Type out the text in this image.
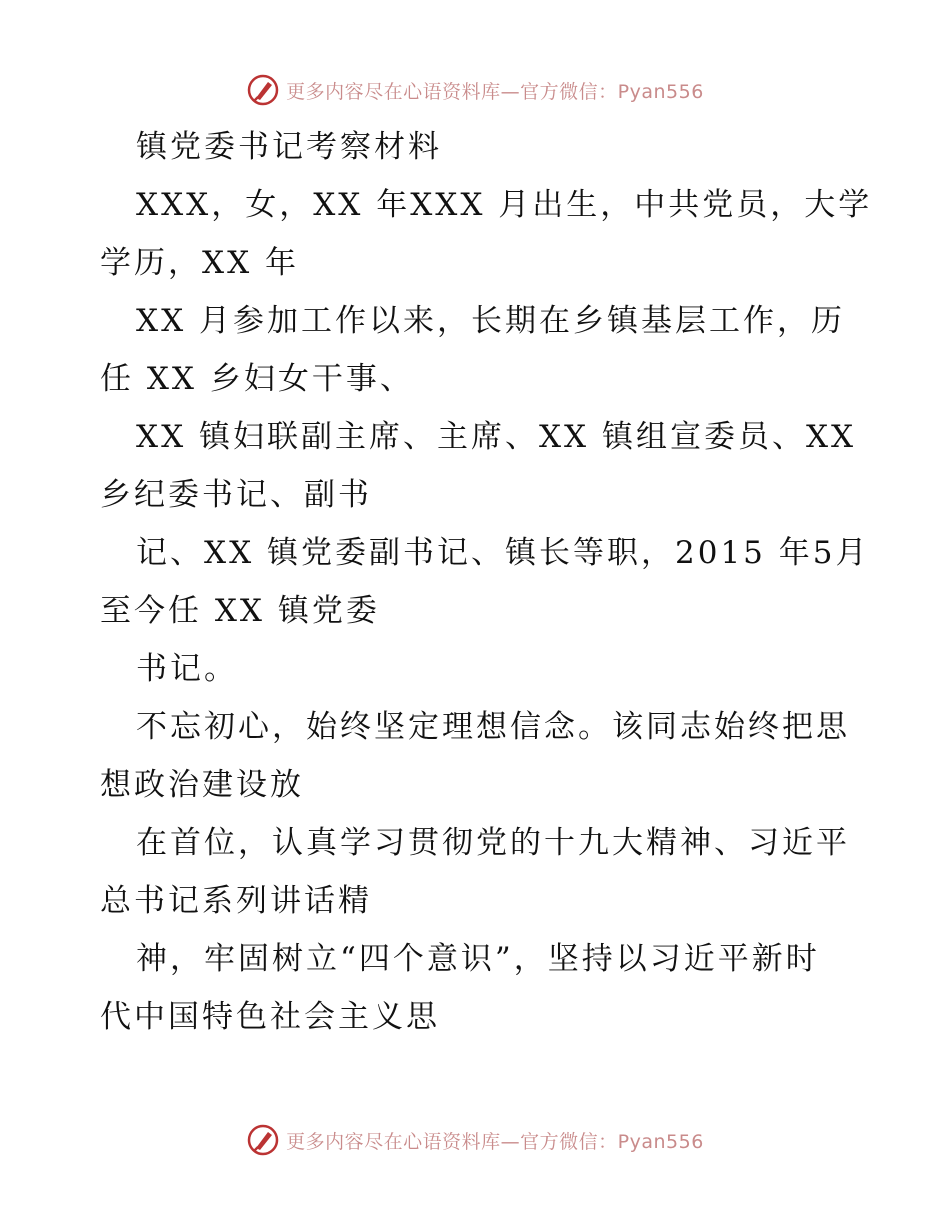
更多内容尽在心语资料库—官方微信：Pyan556
镇党委书记考察材料
XXX，女，XX 年XXX 月出生，中共党员，大学
学历，XX 年
XX 月参加工作以来，长期在乡镇基层工作，历
任 XX 乡妇女干事、
XX 镇妇联副主席、主席、XX 镇组宣委员、XX
乡纪委书记、副书
记、XX 镇党委副书记、镇长等职，2015 年5月
至今任 XX 镇党委
书记。
不忘初心，始终坚定理想信念。该同志始终把思
想政治建设放
在首位，认真学习贯彻党的十九大精神、习近平
总书记系列讲话精
神，牢固树立“四个意识”，坚持以习近平新时
代中国特色社会主义思
更多内容尽在心语资料库—官方微信：Pyan556
